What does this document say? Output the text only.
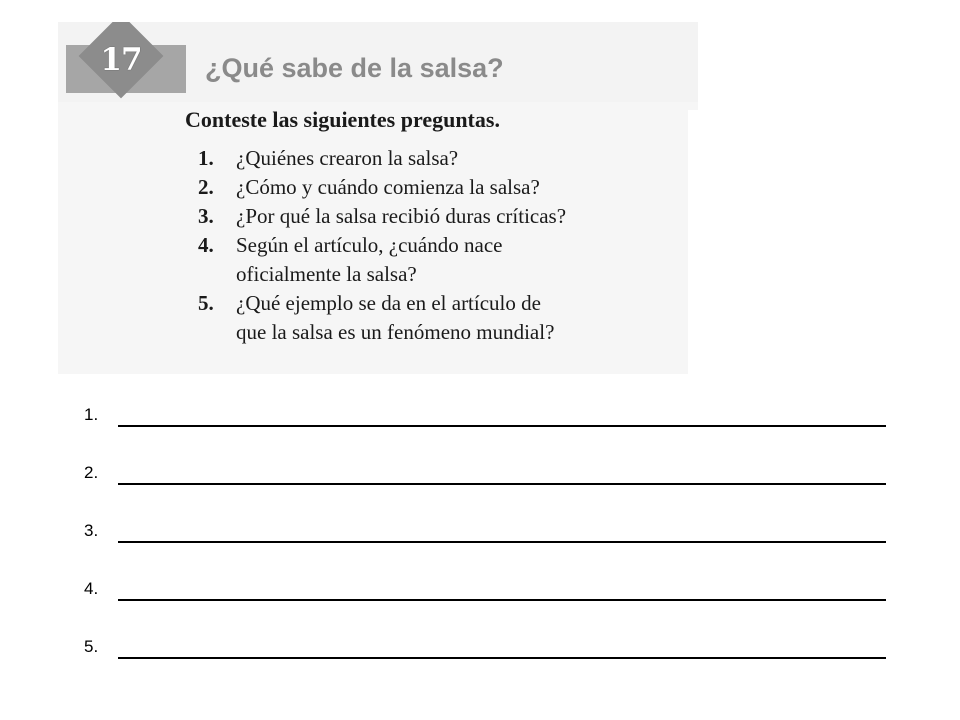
17	¿Qué sabe de la salsa?
Conteste las siguientes preguntas.
1. ¿Quiénes crearon la salsa?
2. ¿Cómo y cuándo comienza la salsa?
3. ¿Por qué la salsa recibió duras críticas?
4. Según el artículo, ¿cuándo nace
oficialmente la salsa?
5. ¿Qué ejemplo se da en el artículo de
que la salsa es un fenómeno mundial?
1.
2.
3.
4.
5.
